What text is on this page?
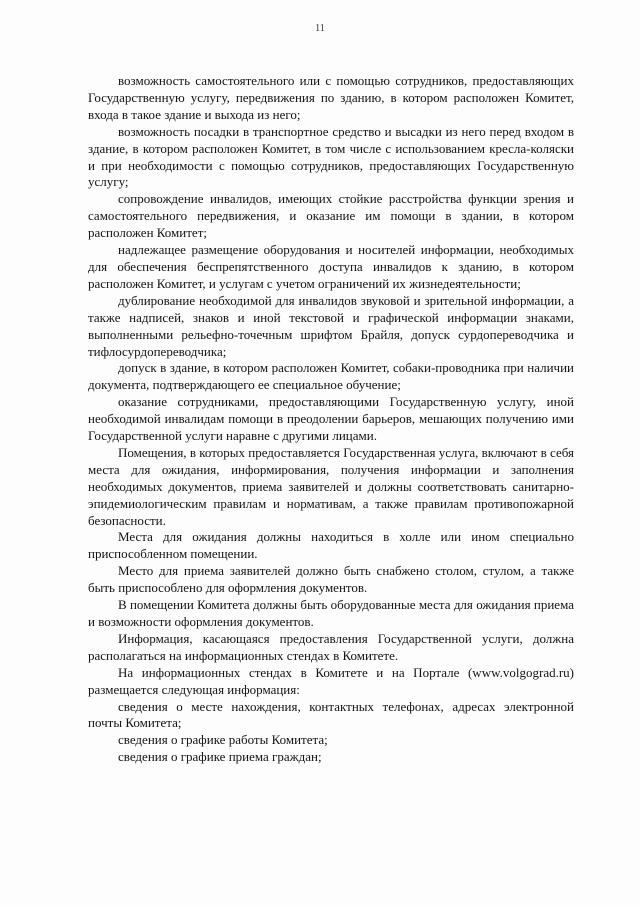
11

возможность самостоятельного или с помощью сотрудников, предоставляющих Государственную услугу, передвижения по зданию, в котором расположен Комитет, входа в такое здание и выхода из него;

возможность посадки в транспортное средство и высадки из него перед входом в здание, в котором расположен Комитет, в том числе с использованием кресла-коляски и при необходимости с помощью сотрудников, предоставляющих Государственную услугу;

сопровождение инвалидов, имеющих стойкие расстройства функции зрения и самостоятельного передвижения, и оказание им помощи в здании, в котором расположен Комитет;

надлежащее размещение оборудования и носителей информации, необходимых для обеспечения беспрепятственного доступа инвалидов к зданию, в котором расположен Комитет, и услугам с учетом ограничений их жизнедеятельности;

дублирование необходимой для инвалидов звуковой и зрительной информации, а также надписей, знаков и иной текстовой и графической информации знаками, выполненными рельефно-точечным шрифтом Брайля, допуск сурдопереводчика и тифлосурдопереводчика;

допуск в здание, в котором расположен Комитет, собаки-проводника при наличии документа, подтверждающего ее специальное обучение;

оказание сотрудниками, предоставляющими Государственную услугу, иной необходимой инвалидам помощи в преодолении барьеров, мешающих получению ими Государственной услуги наравне с другими лицами.

Помещения, в которых предоставляется Государственная услуга, включают в себя места для ожидания, информирования, получения информации и заполнения необходимых документов, приема заявителей и должны соответствовать санитарно-эпидемиологическим правилам и нормативам, а также правилам противопожарной безопасности.

Места для ожидания должны находиться в холле или ином специально приспособленном помещении.

Место для приема заявителей должно быть снабжено столом, стулом, а также быть приспособлено для оформления документов.

В помещении Комитета должны быть оборудованные места для ожидания приема и возможности оформления документов.

Информация, касающаяся предоставления Государственной услуги, должна располагаться на информационных стендах в Комитете.

На информационных стендах в Комитете и на Портале (www.volgograd.ru) размещается следующая информация:

сведения о месте нахождения, контактных телефонах, адресах электронной почты Комитета;

сведения о графике работы Комитета;

сведения о графике приема граждан;
